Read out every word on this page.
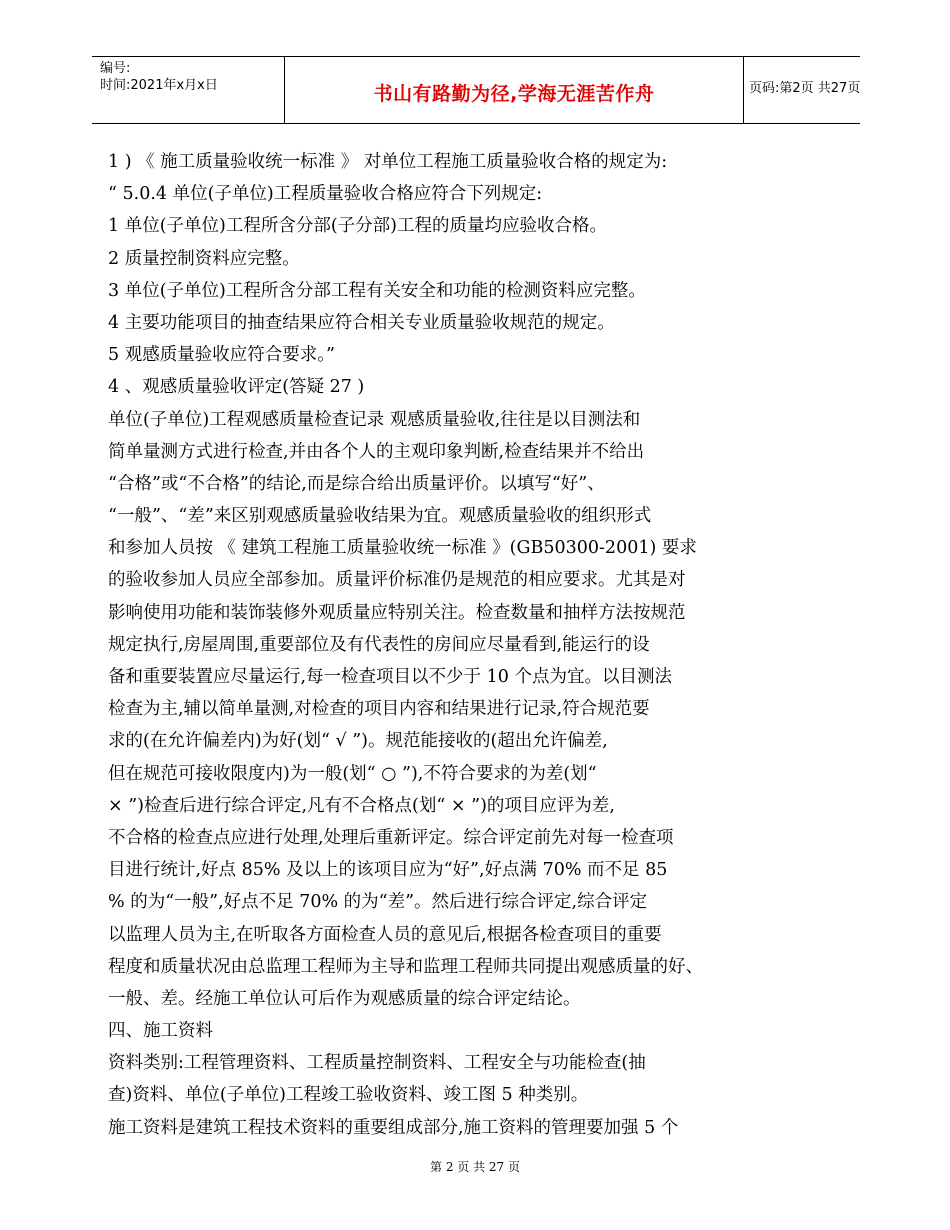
编号:
时间:2021年x月x日	书山有路勤为径,学海无涯苦作舟	页码:第2页 共27页
1 ) 《 施工质量验收统一标准 》 对单位工程施工质量验收合格的规定为:
“ 5.0.4 单位(子单位)工程质量验收合格应符合下列规定:
1 单位(子单位)工程所含分部(子分部)工程的质量均应验收合格。
2 质量控制资料应完整。
3 单位(子单位)工程所含分部工程有关安全和功能的检测资料应完整。
4 主要功能项目的抽查结果应符合相关专业质量验收规范的规定。
5 观感质量验收应符合要求。”
4 、观感质量验收评定(答疑 27 )
单位(子单位)工程观感质量检查记录 观感质量验收,往往是以目测法和
简单量测方式进行检查,并由各个人的主观印象判断,检查结果并不给出
“合格”或“不合格”的结论,而是综合给出质量评价。以填写“好”、
“一般”、“差”来区别观感质量验收结果为宜。观感质量验收的组织形式
和参加人员按 《 建筑工程施工质量验收统一标准 》(GB50300-2001) 要求
的验收参加人员应全部参加。质量评价标准仍是规范的相应要求。尤其是对
影响使用功能和装饰装修外观质量应特别关注。检查数量和抽样方法按规范
规定执行,房屋周围,重要部位及有代表性的房间应尽量看到,能运行的设
备和重要装置应尽量运行,每一检查项目以不少于 10 个点为宜。以目测法
检查为主,辅以简单量测,对检查的项目内容和结果进行记录,符合规范要
求的(在允许偏差内)为好(划“ √ ”)。规范能接收的(超出允许偏差,
但在规范可接收限度内)为一般(划“ ○ ”),不符合要求的为差(划“
× ”)检查后进行综合评定,凡有不合格点(划“ × ”)的项目应评为差,
不合格的检查点应进行处理,处理后重新评定。综合评定前先对每一检查项
目进行统计,好点 85% 及以上的该项目应为“好”,好点满 70% 而不足 85
% 的为“一般”,好点不足 70% 的为“差”。然后进行综合评定,综合评定
以监理人员为主,在听取各方面检查人员的意见后,根据各检查项目的重要
程度和质量状况由总监理工程师为主导和监理工程师共同提出观感质量的好、
一般、差。经施工单位认可后作为观感质量的综合评定结论。
四、施工资料
资料类别:工程管理资料、工程质量控制资料、工程安全与功能检查(抽
查)资料、单位(子单位)工程竣工验收资料、竣工图 5 种类别。
施工资料是建筑工程技术资料的重要组成部分,施工资料的管理要加强 5 个
第 2 页 共 27 页
